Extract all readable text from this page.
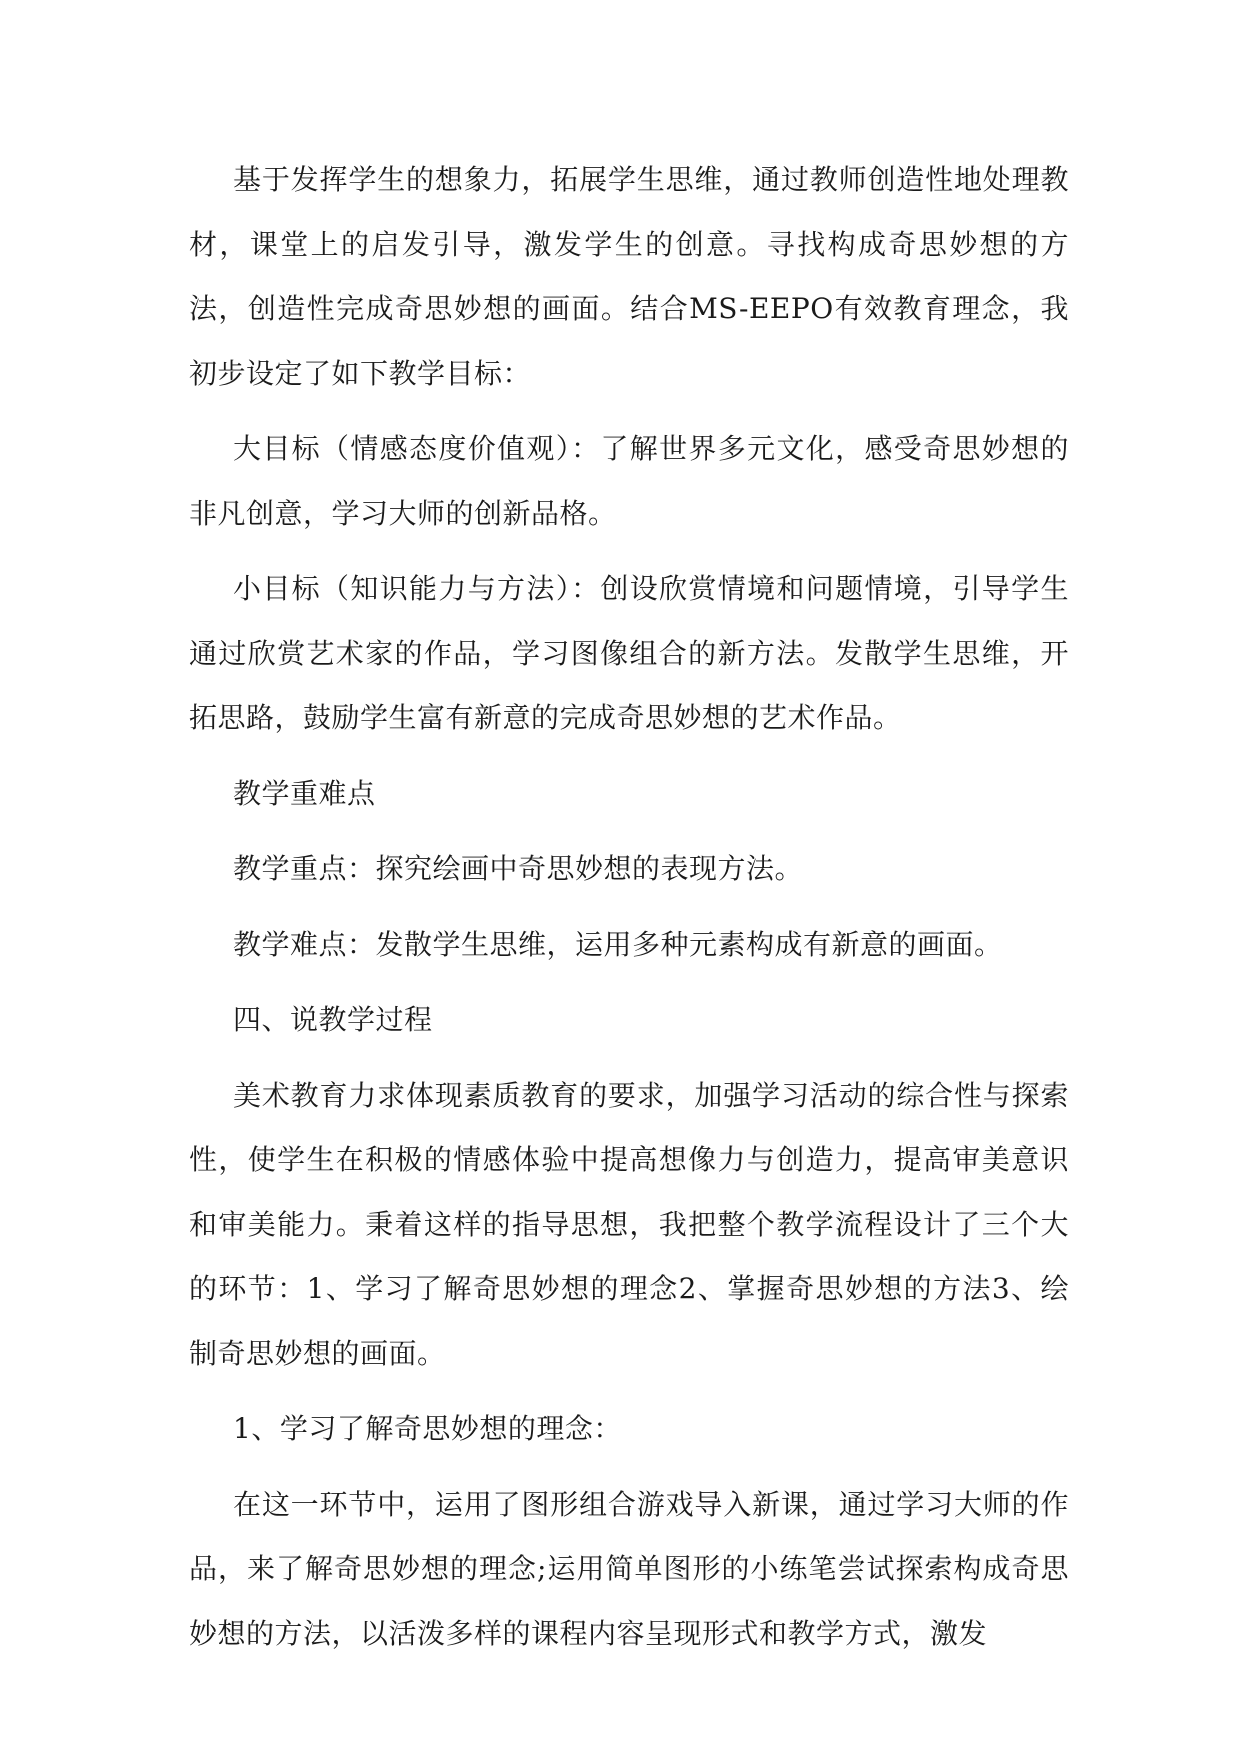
基于发挥学生的想象力，拓展学生思维，通过教师创造性地处理教材，课堂上的启发引导，激发学生的创意。寻找构成奇思妙想的方法，创造性完成奇思妙想的画面。结合MS-EEPO有效教育理念，我初步设定了如下教学目标：

大目标（情感态度价值观）：了解世界多元文化，感受奇思妙想的非凡创意，学习大师的创新品格。

小目标（知识能力与方法）：创设欣赏情境和问题情境，引导学生通过欣赏艺术家的作品，学习图像组合的新方法。发散学生思维，开拓思路，鼓励学生富有新意的完成奇思妙想的艺术作品。

教学重难点

教学重点：探究绘画中奇思妙想的表现方法。

教学难点：发散学生思维，运用多种元素构成有新意的画面。

四、说教学过程

美术教育力求体现素质教育的要求，加强学习活动的综合性与探索性，使学生在积极的情感体验中提高想像力与创造力，提高审美意识和审美能力。秉着这样的指导思想，我把整个教学流程设计了三个大的环节：1、学习了解奇思妙想的理念2、掌握奇思妙想的方法3、绘制奇思妙想的画面。

1、学习了解奇思妙想的理念：

在这一环节中，运用了图形组合游戏导入新课，通过学习大师的作品，来了解奇思妙想的理念;运用简单图形的小练笔尝试探索构成奇思妙想的方法，以活泼多样的课程内容呈现形式和教学方式，激发
